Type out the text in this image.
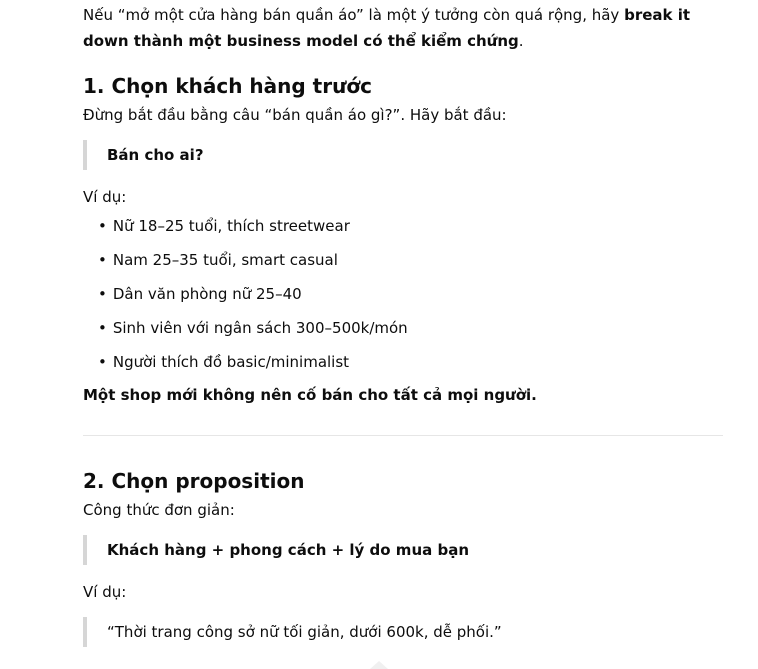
Nếu “mở một cửa hàng bán quần áo” là một ý tưởng còn quá rộng, hãy break it down thành một business model có thể kiểm chứng.

1. Chọn khách hàng trước

Đừng bắt đầu bằng câu “bán quần áo gì?”. Hãy bắt đầu:

Bán cho ai?

Ví dụ:

• Nữ 18–25 tuổi, thích streetwear
• Nam 25–35 tuổi, smart casual
• Dân văn phòng nữ 25–40
• Sinh viên với ngân sách 300–500k/món
• Người thích đồ basic/minimalist

Một shop mới không nên cố bán cho tất cả mọi người.

2. Chọn proposition

Công thức đơn giản:

Khách hàng + phong cách + lý do mua bạn

Ví dụ:

“Thời trang công sở nữ tối giản, dưới 600k, dễ phối.”
